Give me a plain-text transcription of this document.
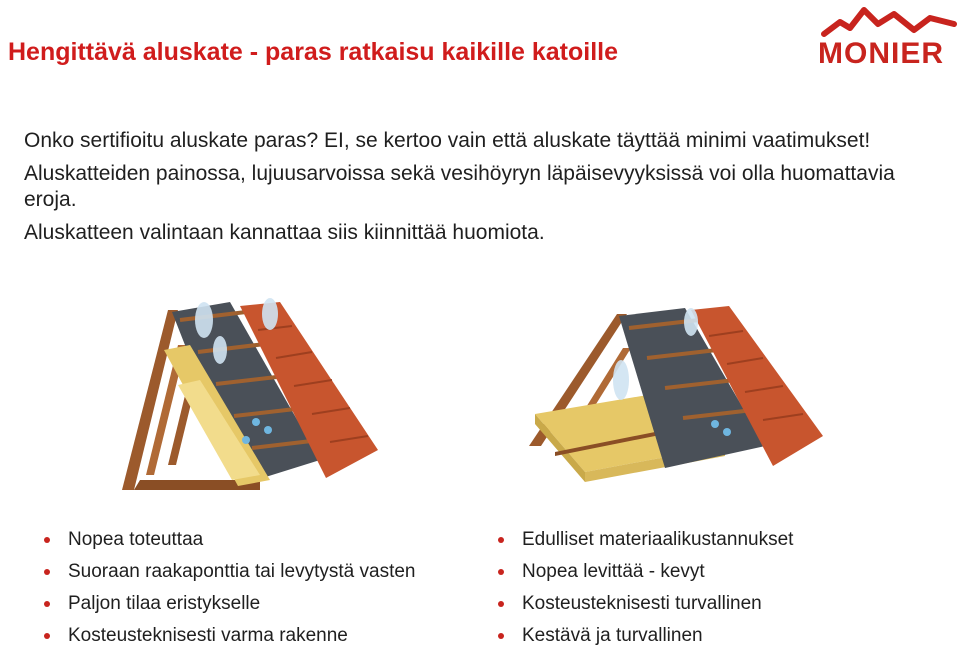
Hengittävä aluskate - paras ratkaisu kaikille katoille	MONIER

Onko sertifioitu aluskate paras? EI, se kertoo vain että aluskate täyttää minimi vaatimukset!

Aluskatteiden painossa, lujuusarvoissa sekä vesihöyryn läpäisevyyksissä voi olla huomattavia eroja.

Aluskatteen valintaan kannattaa siis kiinnittää huomiota.

Nopea toteuttaa
Suoraan raakaponttia tai levytystä vasten
Paljon tilaa eristykselle
Kosteusteknisesti varma rakenne
Edulliset materiaalikustannukset
Nopea levittää - kevyt
Kosteusteknisesti turvallinen
Kestävä ja turvallinen
